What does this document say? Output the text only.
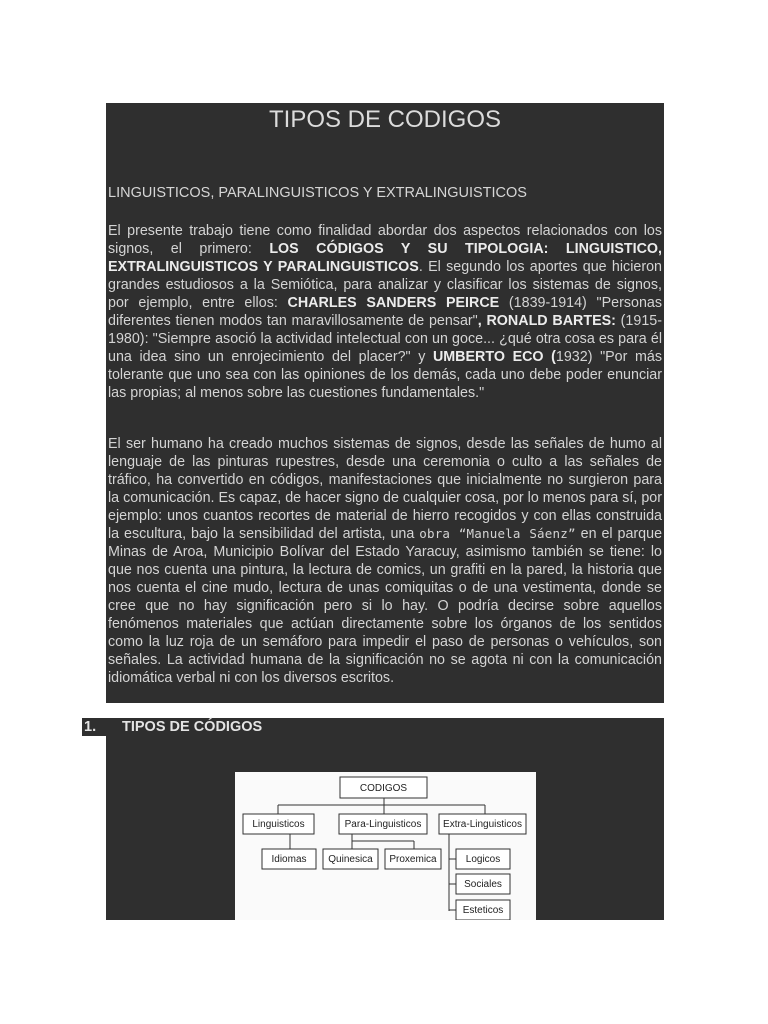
TIPOS DE CODIGOS
LINGUISTICOS, PARALINGUISTICOS Y EXTRALINGUISTICOS

El presente trabajo tiene como finalidad abordar dos aspectos relacionados con los signos, el primero: LOS CÓDIGOS Y SU TIPOLOGIA: LINGUISTICO, EXTRALINGUISTICOS Y PARALINGUISTICOS. El segundo los aportes que hicieron grandes estudiosos a la Semiótica, para analizar y clasificar los sistemas de signos, por ejemplo, entre ellos: CHARLES SANDERS PEIRCE (1839-1914) "Personas diferentes tienen modos tan maravillosamente de pensar", RONALD BARTES: (1915-1980): "Siempre asoció la actividad intelectual con un goce... ¿qué otra cosa es para él una idea sino un enrojecimiento del placer?" y UMBERTO ECO (1932) "Por más tolerante que uno sea con las opiniones de los demás, cada uno debe poder enunciar las propias; al menos sobre las cuestiones fundamentales."

El ser humano ha creado muchos sistemas de signos, desde las señales de humo al lenguaje de las pinturas rupestres, desde una ceremonia o culto a las señales de tráfico, ha convertido en códigos, manifestaciones que inicialmente no surgieron para la comunicación. Es capaz, de hacer signo de cualquier cosa, por lo menos para sí, por ejemplo: unos cuantos recortes de material de hierro recogidos y con ellas construida la escultura, bajo la sensibilidad del artista, una obra “Manuela Sáenz” en el parque Minas de Aroa, Municipio Bolívar del Estado Yaracuy, asimismo también se tiene: lo que nos cuenta una pintura, la lectura de comics, un grafiti en la pared, la historia que nos cuenta el cine mudo, lectura de unas comiquitas o de una vestimenta, donde se cree que no hay significación pero si lo hay. O podría decirse sobre aquellos fenómenos materiales que actúan directamente sobre los órganos de los sentidos como la luz roja de un semáforo para impedir el paso de personas o vehículos, son señales. La actividad humana de la significación no se agota ni con la comunicación idiomática verbal ni con los diversos escritos.

1. TIPOS DE CÓDIGOS
CODIGOS
Linguisticos	Para-Linguisticos Extra-Linguisticos
Idiomas Quinesica Proxemica	Logicos
Sociales
Esteticos
